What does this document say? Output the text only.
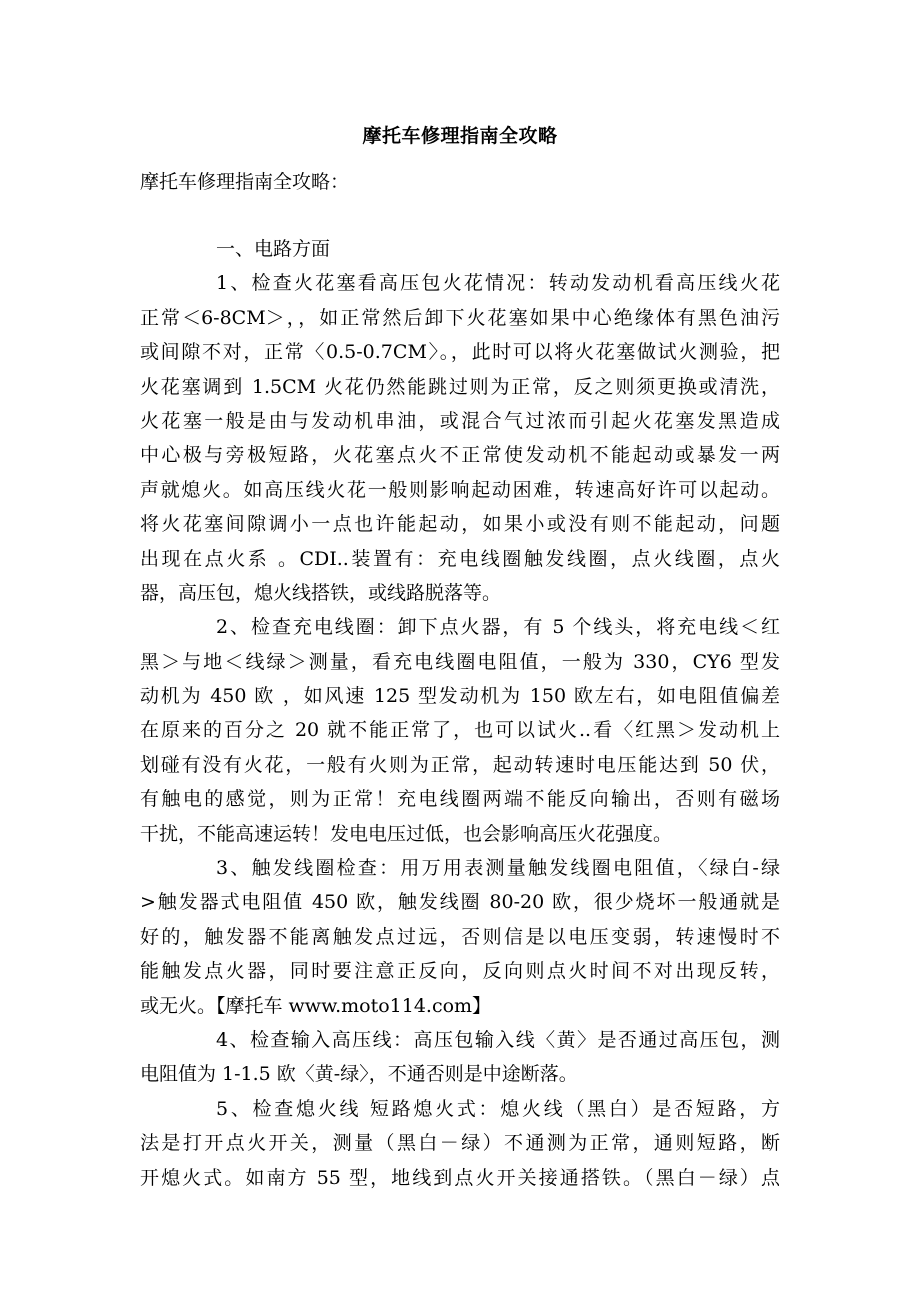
摩托车修理指南全攻略
摩托车修理指南全攻略：
一、电路方面
1、检查火花塞看高压包火花情况：转动发动机看高压线火花
正常＜6-8CM＞，，如正常然后卸下火花塞如果中心绝缘体有黑色油污
或间隙不对，正常〈0.5-0.7CM〉。，此时可以将火花塞做试火测验，把
火花塞调到 1.5CM 火花仍然能跳过则为正常，反之则须更换或清洗，
火花塞一般是由与发动机串油，或混合气过浓而引起火花塞发黑造成
中心极与旁极短路，火花塞点火不正常使发动机不能起动或暴发一两
声就熄火。如高压线火花一般则影响起动困难，转速高好许可以起动。
将火花塞间隙调小一点也许能起动，如果小或没有则不能起动，问题
出现在点火系 。CDI..装置有：充电线圈触发线圈，点火线圈，点火
器，高压包，熄火线搭铁，或线路脱落等。
2、检查充电线圈：卸下点火器，有 5 个线头，将充电线＜红
黑＞与地＜线绿＞测量，看充电线圈电阻值，一般为 330，CY6 型发
动机为 450 欧 ，如风速 125 型发动机为 150 欧左右，如电阻值偏差
在原来的百分之 20 就不能正常了，也可以试火..看〈红黑＞发动机上
划碰有没有火花，一般有火则为正常，起动转速时电压能达到 50 伏，
有触电的感觉，则为正常！充电线圈两端不能反向输出，否则有磁场
干扰，不能高速运转！发电电压过低，也会影响高压火花强度。
3、触发线圈检查：用万用表测量触发线圈电阻值，〈绿白-绿
>触发器式电阻值 450 欧，触发线圈 80-20 欧，很少烧坏一般通就是
好的，触发器不能离触发点过远，否则信是以电压变弱，转速慢时不
能触发点火器，同时要注意正反向，反向则点火时间不对出现反转，
或无火。【摩托车 www.moto114.com】
4、检查输入高压线：高压包输入线〈黄〉是否通过高压包，测
电阻值为 1-1.5 欧〈黄-绿〉，不通否则是中途断落。
5、检查熄火线 短路熄火式：熄火线（黑白）是否短路，方
法是打开点火开关，测量（黑白－绿）不通测为正常，通则短路，断
开熄火式。如南方 55 型，地线到点火开关接通搭铁。（黑白－绿）点
